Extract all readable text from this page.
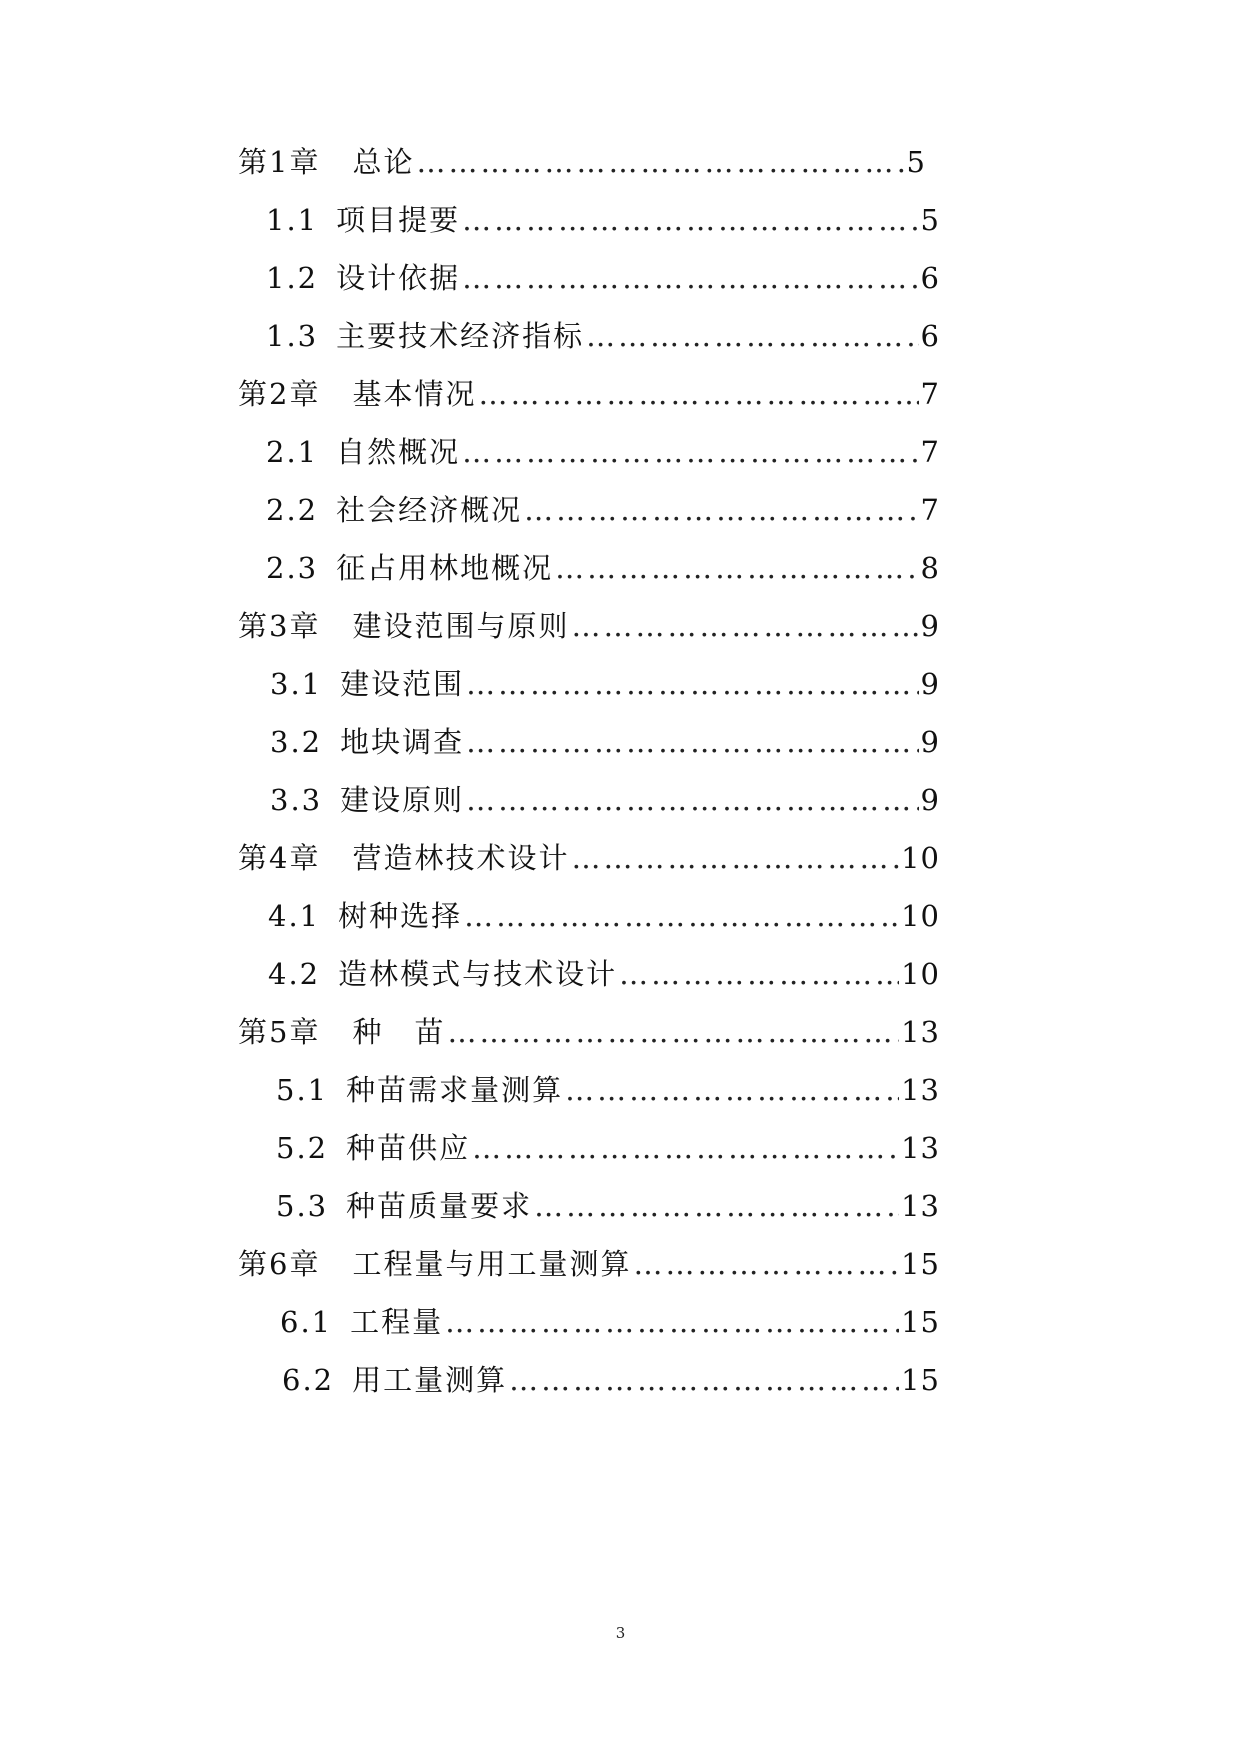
第1章 总论 …………………………………………………………………………………………………………………………………………………………………………	5
1.1 项目提要 …………………………………………………………………………………………………………………………………………………………………………	5
1.2 设计依据 …………………………………………………………………………………………………………………………………………………………………………	6
1.3 主要技术经济指标 …………………………………………………………………………………………………………………………………………………………………………	6
第2章 基本情况 …………………………………………………………………………………………………………………………………………………………………………	7
2.1 自然概况 …………………………………………………………………………………………………………………………………………………………………………	7
2.2 社会经济概况 …………………………………………………………………………………………………………………………………………………………………………	7
2.3 征占用林地概况 …………………………………………………………………………………………………………………………………………………………………………	8
第3章 建设范围与原则 …………………………………………………………………………………………………………………………………………………………………………	9
3.1 建设范围 …………………………………………………………………………………………………………………………………………………………………………	9
3.2 地块调查 …………………………………………………………………………………………………………………………………………………………………………	9
3.3 建设原则 …………………………………………………………………………………………………………………………………………………………………………	9
第4章 营造林技术设计 …………………………………………………………………………………………………………………………………………………………………………	10
4.1 树种选择 …………………………………………………………………………………………………………………………………………………………………………	10
4.2 造林模式与技术设计 …………………………………………………………………………………………………………………………………………………………………………	10
第5章 种　苗 …………………………………………………………………………………………………………………………………………………………………………	13
5.1 种苗需求量测算 …………………………………………………………………………………………………………………………………………………………………………	13
5.2 种苗供应 …………………………………………………………………………………………………………………………………………………………………………	13
5.3 种苗质量要求 …………………………………………………………………………………………………………………………………………………………………………	13
第6章 工程量与用工量测算 …………………………………………………………………………………………………………………………………………………………………………	15
6.1 工程量 …………………………………………………………………………………………………………………………………………………………………………	15
6.2 用工量测算 …………………………………………………………………………………………………………………………………………………………………………	15
3
